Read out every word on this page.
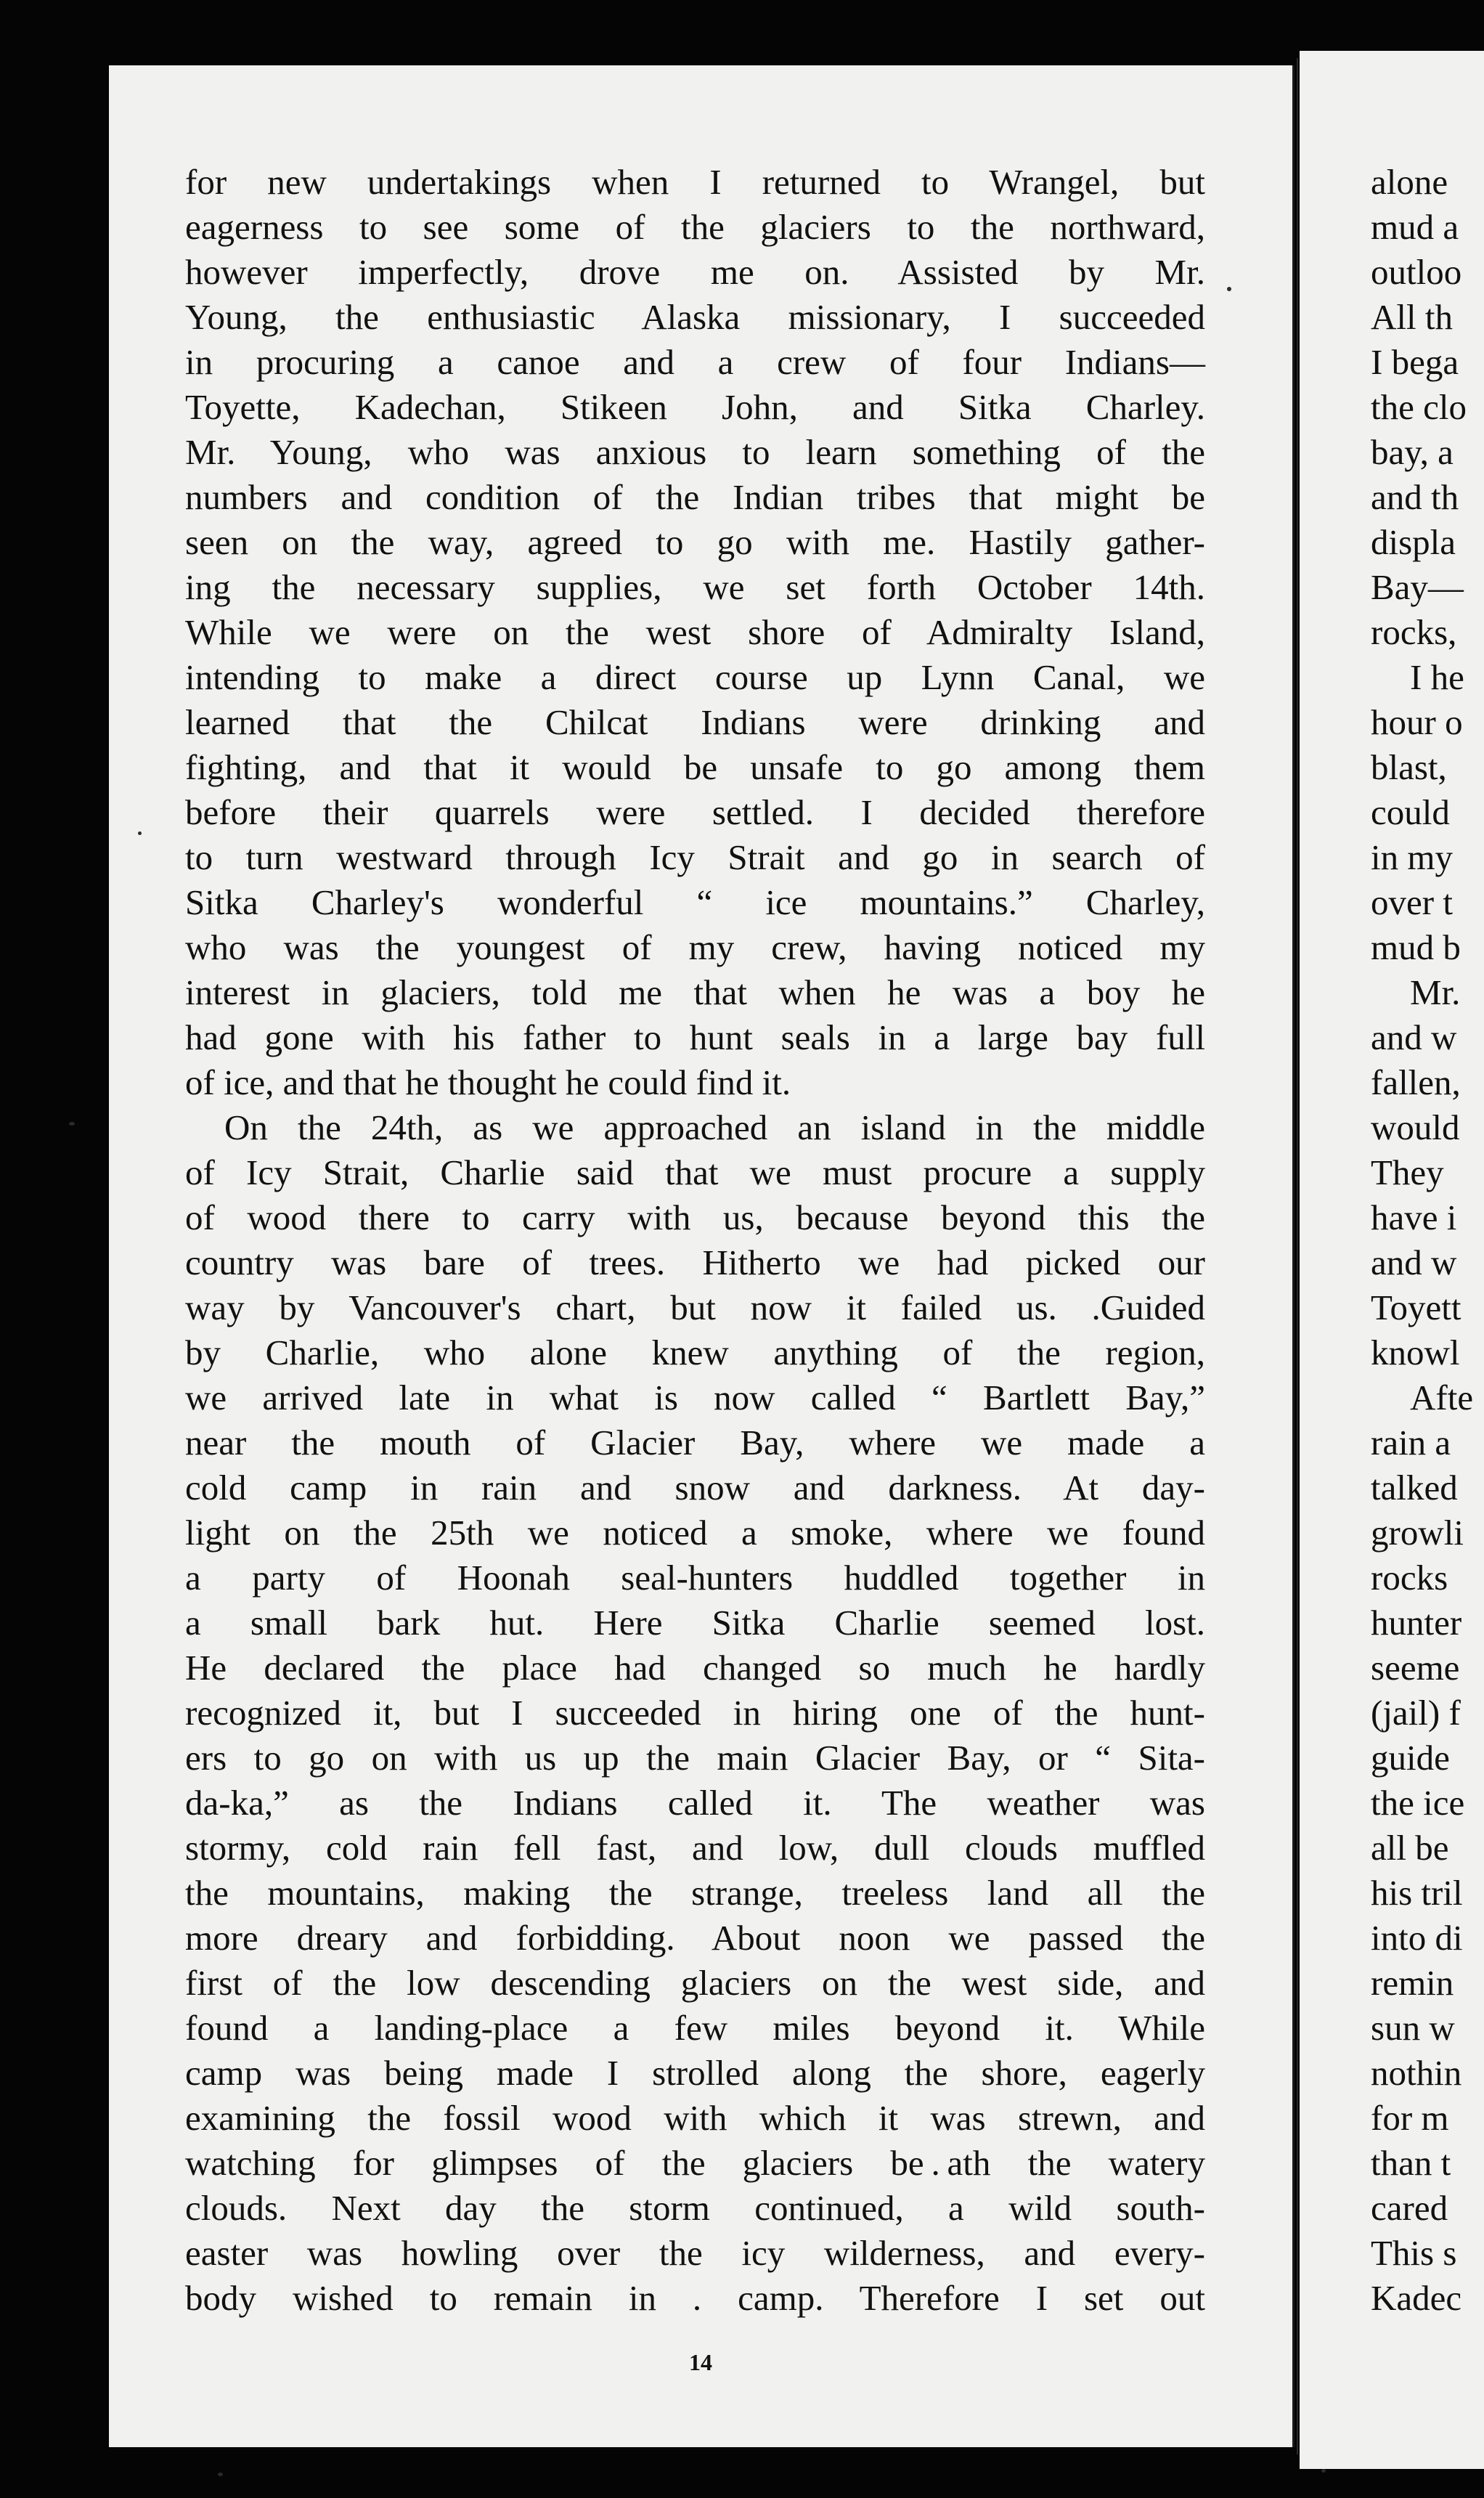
for new undertakings when I returned to Wrangel, but
eagerness to see some of the glaciers to the northward,
however imperfectly, drove me on. Assisted by Mr.
Young, the enthusiastic Alaska missionary, I succeeded
in procuring a canoe and a crew of four Indians—
Toyette, Kadechan, Stikeen John, and Sitka Charley.
Mr. Young, who was anxious to learn something of the
numbers and condition of the Indian tribes that might be
seen on the way, agreed to go with me. Hastily gather-
ing the necessary supplies, we set forth October 14th.
While we were on the west shore of Admiralty Island,
intending to make a direct course up Lynn Canal, we
learned that the Chilcat Indians were drinking and
fighting, and that it would be unsafe to go among them
before their quarrels were settled. I decided therefore
to turn westward through Icy Strait and go in search of
Sitka Charley's wonderful “ ice mountains.” Charley,
who was the youngest of my crew, having noticed my
interest in glaciers, told me that when he was a boy he
had gone with his father to hunt seals in a large bay full
of ice, and that he thought he could find it.
On the 24th, as we approached an island in the middle
of Icy Strait, Charlie said that we must procure a supply
of wood there to carry with us, because beyond this the
country was bare of trees. Hitherto we had picked our
way by Vancouver's chart, but now it failed us. .Guided
by Charlie, who alone knew anything of the region,
we arrived late in what is now called “ Bartlett Bay,”
near the mouth of Glacier Bay, where we made a
cold camp in rain and snow and darkness. At day-
light on the 25th we noticed a smoke, where we found
a party of Hoonah seal-hunters huddled together in
a small bark hut. Here Sitka Charlie seemed lost.
He declared the place had changed so much he hardly
recognized it, but I succeeded in hiring one of the hunt-
ers to go on with us up the main Glacier Bay, or “ Sita-
da-ka,” as the Indians called it. The weather was
stormy, cold rain fell fast, and low, dull clouds muffled
the mountains, making the strange, treeless land all the
more dreary and forbidding. About noon we passed the
first of the low descending glaciers on the west side, and
found a landing-place a few miles beyond it. While
camp was being made I strolled along the shore, eagerly
examining the fossil wood with which it was strewn, and
watching for glimpses of the glaciers be . ath the watery
clouds. Next day the storm continued, a wild south-
easter was howling over the icy wilderness, and every-
body wished to remain in . camp. Therefore I set out
14
alone
mud a
outloo
All th
I bega
the clo
bay, a
and th
displa
Bay—
rocks,
I he
hour o
blast,
could
in my
over t
mud b
Mr.
and w
fallen,
would
They
have i
and w
Toyett
knowl
Afte
rain a
talked
growli
rocks
hunter
seeme
(jail) f
guide
the ice
all be
his tril
into di
remin
sun w
nothin
for m
than t
cared
This s
Kadec
